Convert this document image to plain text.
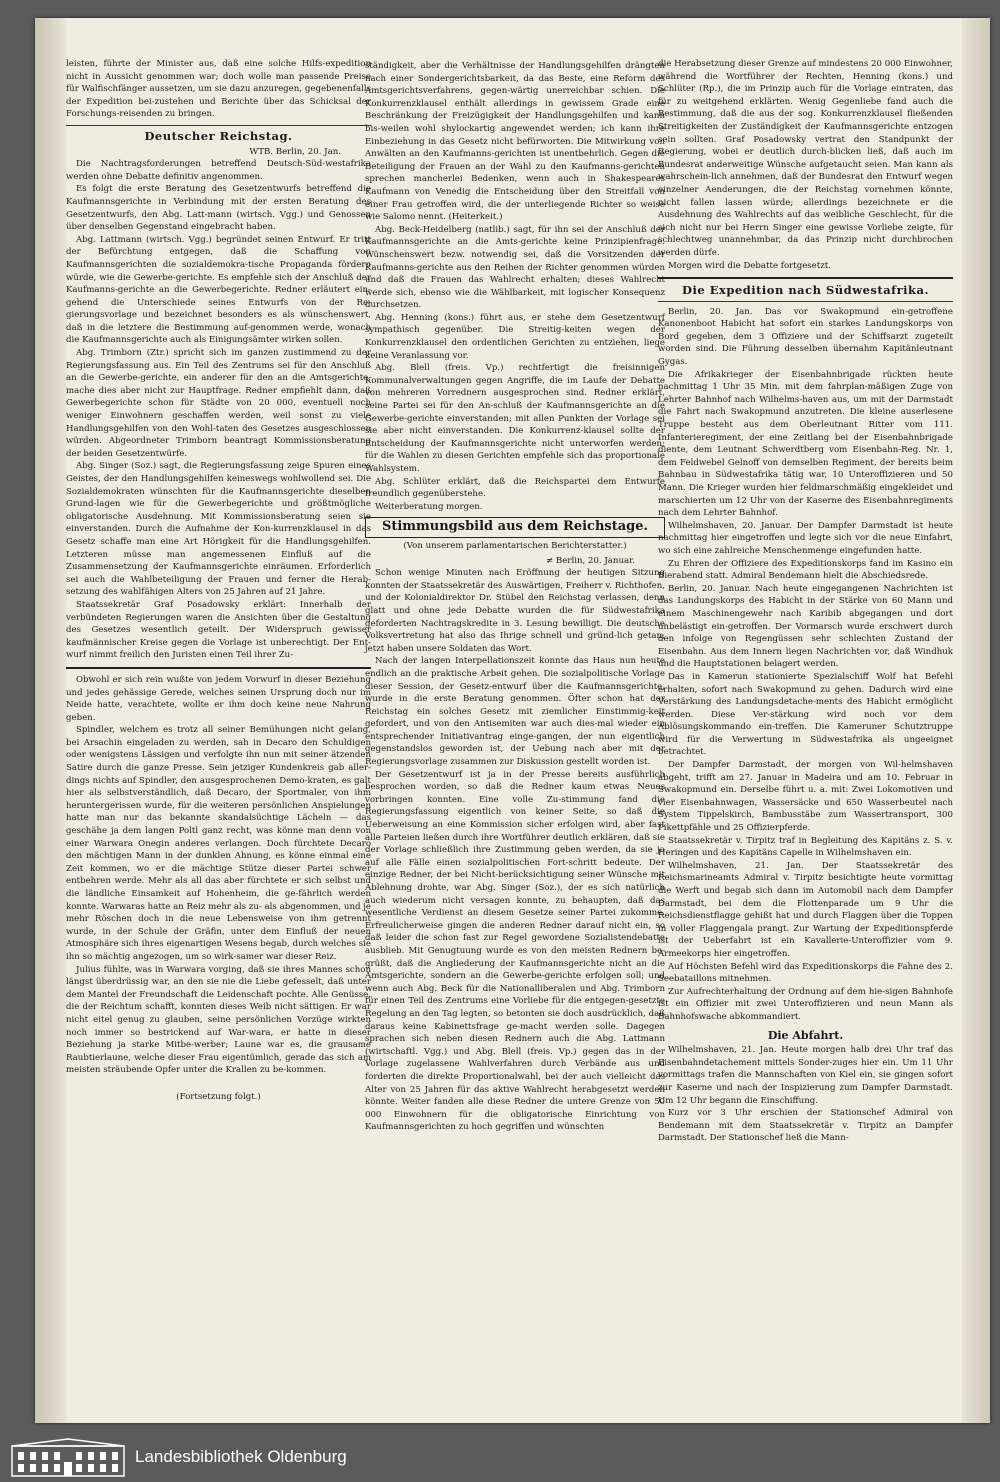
leisten, führte der Minister aus, daß eine solche Hilfs-expedition nicht in Aussicht genommen war; doch wolle man passende Preise für Walfischfänger aussetzen, um sie dazu anzuregen, gegebenenfalls der Expedition bei-zustehen und Berichte über das Schicksal der Forschungs-reisenden zu bringen.

Deutscher Reichstag.

WTB. Berlin, 20. Jan.

Die Nachtragsforderungen betreffend Deutsch-Süd-westafrika werden ohne Debatte definitiv angenommen.

Es folgt die erste Beratung des Gesetzentwurfs betreffend die Kaufmannsgerichte in Verbindung mit der ersten Beratung des Gesetzentwurfs, den Abg. Latt-mann (wirtsch. Vgg.) und Genossen über denselben Gegenstand eingebracht haben.

Abg. Lattmann (wirtsch. Vgg.) begründet seinen Entwurf. Er tritt der Befürchtung entgegen, daß die Schaffung von Kaufmannsgerichten die sozialdemokra-tische Propaganda fördern würde, wie die Gewerbe-gerichte. Es empfehle sich der Anschluß der Kaufmanns-gerichte an die Gewerbegerichte. Redner erläutert ein-gehend die Unterschiede seines Entwurfs von der Re-gierungsvorlage und bezeichnet besonders es als wünschenswert, daß in die letztere die Bestimmung auf-genommen werde, wonach die Kaufmannsgerichte auch als Einigungsämter wirken sollen.

Abg. Trimborn (Ztr.) spricht sich im ganzen zustimmend zu der Regierungsfassung aus. Ein Teil des Zentrums sei für den Anschluß an die Gewerbe-gerichte, ein anderer für den an die Amtsgerichte, mache dies aber nicht zur Hauptfrage. Redner empfiehlt dann, daß Gewerbegerichte schon für Städte von 20 000, eventuell noch weniger Einwohnern geschaffen werden, weil sonst zu viele Handlungsgehilfen von den Wohl-taten des Gesetzes ausgeschlossen würden. Abgeordneter Trimborn beantragt Kommissionsberatung der beiden Gesetzentwürfe.

Abg. Singer (Soz.) sagt, die Regierungsfassung zeige Spuren eines Geistes, der den Handlungsgehilfen keineswegs wohlwollend sei. Die Sozialdemokraten wünschten für die Kaufmannsgerichte dieselben Grund-lagen wie für die Gewerbegerichte und größtmögliche obligatorische Ausdehnung. Mit Kommissionsberatung seien sie einverstanden. Durch die Aufnahme der Kon-kurrenzklausel in das Gesetz schaffe man eine Art Hörigkeit für die Handlungsgehilfen. Letzteren müsse man angemessenen Einfluß auf die Zusammensetzung der Kaufmannsgerichte einräumen. Erforderlich sei auch die Wahlbeteiligung der Frauen und ferner die Herab-setzung des wahlfähigen Alters von 25 Jahren auf 21 Jahre.

Staatssekretär Graf Posadowsky erklärt: Innerhalb der verbündeten Regierungen waren die Ansichten über die Gestaltung des Gesetzes wesentlich geteilt. Der Widerspruch gewisser kaufmännischer Kreise gegen die Vorlage ist unberechtigt. Der Ent-wurf nimmt freilich den Juristen einen Teil ihrer Zu-

Obwohl er sich rein wußte von jedem Vorwurf in dieser Beziehung und jedes gehässige Gerede, welches seinen Ursprung doch nur im Neide hatte, verachtete, wollte er ihm doch keine neue Nahrung geben.

Spindler, welchem es trotz all seiner Bemühungen nicht gelang, bei Arsachin eingeladen zu werden, sah in Decaro den Schuldigen oder wenigstens Lässigen und verfolgte ihn nun mit seiner ätzenden Satire durch die ganze Presse. Sein jetziger Kundenkreis gab aller-dings nichts auf Spindler, den ausgesprochenen Demo-kraten, es galt hier als selbstverständlich, daß Decaro, der Sportmaler, von ihm heruntergerissen wurde, für die weiteren persönlichen Anspielungen hatte man nur das bekannte skandalsüchtige Lächeln — das geschähe ja dem langen Poltl ganz recht, was könne man denn von einer Warwara Onegin anderes verlangen. Doch fürchtete Decaro den mächtigen Mann in der dunklen Ahnung, es könne einmal eine Zeit kommen, wo er die mächtige Stütze dieser Partei schwer entbehren werde. Mehr als all das aber fürchtete er sich selbst und die ländliche Einsamkeit auf Hohenheim, die ge-fährlich werden konnte. Warwaras hatte an Reiz mehr als zu- als abgenommen, und je mehr Röschen doch in die neue Lebensweise von ihm getrennt wurde, in der Schule der Gräfin, unter dem Einfluß der neuen Atmosphäre sich ihres eigenartigen Wesens begab, durch welches sie ihn so mächtig angezogen, um so wirk-samer war dieser Reiz.

Julius fühlte, was in Warwara vorging, daß sie ihres Mannes schon längst überdrüssig war, an den sie nie die Liebe gefesselt, daß unter dem Mantel der Freundschaft die Leidenschaft pochte. Alle Genüsse, die der Reichtum schafft, konnten dieses Weib nicht sättigen. Er war nicht eitel genug zu glauben, seine persönlichen Vorzüge wirkten noch immer so bestrickend auf War-wara, er hatte in dieser Beziehung ja starke Mitbe-werber; Laune war es, die grausame Raubtierlaune, welche dieser Frau eigentümlich, gerade das sich am meisten sträubende Opfer unter die Krallen zu be-kommen.

(Fortsetzung folgt.)

ständigkeit, aber die Verhältnisse der Handlungsgehilfen drängten nach einer Sondergerichtsbarkeit, da das Beste, eine Reform des Amtsgerichtsverfahrens, gegen-wärtig unerreichbar schien. Die Konkurrenzklausel enthält allerdings in gewissem Grade eine Beschränkung der Freizügigkeit der Handlungsgehilfen und kann bis-weilen wohl shylockartig angewendet werden; ich kann ihre Einbeziehung in das Gesetz nicht befürworten. Die Mitwirkung von Anwälten an den Kaufmanns-gerichten ist unentbehrlich. Gegen die Beteiligung der Frauen an der Wahl zu den Kaufmanns-gerichten sprechen mancherlei Bedenken, wenn auch in Shakespeares Kaufmann von Venedig die Entscheidung über den Streitfall von einer Frau getroffen wird, die der unterliegende Richter so weise wie Salomo nennt. (Heiterkeit.)

Abg. Beck-Heidelberg (natlib.) sagt, für ihn sei der Anschluß der Kaufmannsgerichte an die Amts-gerichte keine Prinzipienfrage. Wünschenswert bezw. notwendig sei, daß die Vorsitzenden der Kaufmanns-gerichte aus den Reihen der Richter genommen würden und daß die Frauen das Wahlrecht erhalten; dieses Wahlrecht werde sich, ebenso wie die Wählbarkeit, mit logischer Konsequenz durchsetzen.

Abg. Henning (kons.) führt aus, er stehe dem Gesetzentwurf sympathisch gegenüber. Die Streitig-keiten wegen der Konkurrenzklausel den ordentlichen Gerichten zu entziehen, liege keine Veranlassung vor.

Abg. Blell (freis. Vp.) rechtfertigt die freisinnigen Kommunalverwaltungen gegen Angriffe, die im Laufe der Debatte von mehreren Vorrednern ausgesprochen sind. Redner erklärt, seine Partei sei für den An-schluß der Kaufmannsgerichte an die Gewerbe-gerichte einverstanden; mit allen Punkten der Vorlage sei sie aber nicht einverstanden. Die Konkurrenz-klausel sollte der Entscheidung der Kaufmannsgerichte nicht unterworfen werden; für die Wahlen zu diesen Gerichten empfehle sich das proportionale Wahlsystem.

Abg. Schlüter erklärt, daß die Reichspartei dem Entwurfe freundlich gegenüberstehe.

Weiterberatung morgen.

Stimmungsbild aus dem Reichstage.
(Von unserem parlamentarischen Berichterstatter.)

≠ Berlin, 20. Januar.

Schon wenige Minuten nach Eröffnung der heutigen Sitzung konnten der Staatssekretär des Auswärtigen, Freiherr v. Richthofen, und der Kolonialdirektor Dr. Stübel den Reichstag verlassen, denn glatt und ohne jede Debatte wurden die für Südwestafrika geforderten Nachtragskredite in 3. Lesung bewilligt. Die deutsche Volksvertretung hat also das Ihrige schnell und gründ-lich getan; jetzt haben unsere Soldaten das Wort.

Nach der langen Interpellationszeit konnte das Haus nun heute endlich an die praktische Arbeit gehen. Die sozialpolitische Vorlage dieser Session, der Gesetz-entwurf über die Kaufmannsgerichte, wurde in die erste Beratung genommen. Öfter schon hat der Reichstag ein solches Gesetz mit ziemlicher Einstimmig-keit gefordert, und von den Antisemiten war auch dies-mal wieder ein entsprechender Initiativantrag einge-gangen, der nun eigentlich gegenstandslos geworden ist, der Uebung nach aber mit der Regierungsvorlage zusammen zur Diskussion gestellt worden ist.

Der Gesetzentwurf ist ja in der Presse bereits ausführlich besprochen worden, so daß die Redner kaum etwas Neues vorbringen konnten. Eine volle Zu-stimmung fand die Regierungsfassung eigentlich von keiner Seite, so daß die Ueberweisung an eine Kommission sicher erfolgen wird, aber fast alle Parteien ließen durch ihre Wortführer deutlich erklären, daß sie der Vorlage schließlich ihre Zustimmung geben werden, da sie ja auf alle Fälle einen sozialpolitischen Fort-schritt bedeute. Der einzige Redner, der bei Nicht-berücksichtigung seiner Wünsche mit Ablehnung drohte, war Abg. Singer (Soz.), der es sich natürlich auch wiederum nicht versagen konnte, zu behaupten, daß das wesentliche Verdienst an diesem Gesetze seiner Partei zukomme. Erfreulicherweise gingen die anderen Redner darauf nicht ein, so daß leider die schon fast zur Regel gewordene Sozialistendebatte ausblieb. Mit Genugtuung wurde es von den meisten Rednern be-grüßt, daß die Angliederung der Kaufmannsgerichte nicht an die Amtsgerichte, sondern an die Gewerbe-gerichte erfolgen soll; und wenn auch Abg. Beck für die Nationalliberalen und Abg. Trimborn für einen Teil des Zentrums eine Vorliebe für die entgegen-gesetzte Regelung an den Tag legten, so betonten sie doch ausdrücklich, daß daraus keine Kabinettsfrage ge-macht werden solle. Dagegen sprachen sich neben diesen Rednern auch die Abg. Lattmann (wirtschaftl. Vgg.) und Abg. Blell (freis. Vp.) gegen das in der Vorlage zugelassene Wahlverfahren durch Verbände aus und forderten die direkte Proportionalwahl, bei der auch vielleicht das Alter von 25 Jahren für das aktive Wahlrecht herabgesetzt werden könnte. Weiter fanden alle diese Redner die untere Grenze von 50 000 Einwohnern für die obligatorische Einrichtung von Kaufmannsgerichten zu hoch gegriffen und wünschten

die Herabsetzung dieser Grenze auf mindestens 20 000 Einwohner, während die Wortführer der Rechten, Henning (kons.) und Schlüter (Rp.), die im Prinzip auch für die Vorlage eintraten, das für zu weitgehend erklärten. Wenig Gegenliebe fand auch die Bestimmung, daß die aus der sog. Konkurrenzklausel fließenden Streitigkeiten der Zuständigkeit der Kaufmannsgerichte entzogen sein sollten. Graf Posadowsky vertrat den Standpunkt der Regierung, wobei er deutlich durch-blicken ließ, daß auch im Bundesrat anderweitige Wünsche aufgetaucht seien. Man kann als wahrschein-lich annehmen, daß der Bundesrat den Entwurf wegen einzelner Aenderungen, die der Reichstag vornehmen könnte, nicht fallen lassen würde; allerdings bezeichnete er die Ausdehnung des Wahlrechts auf das weibliche Geschlecht, für die sich nicht nur bei Herrn Singer eine gewisse Vorliebe zeigte, für schlechtweg unannehmbar, da das Prinzip nicht durchbrochen werden dürfe.

Morgen wird die Debatte fortgesetzt.

Die Expedition nach Südwestafrika.

Berlin, 20. Jan. Das vor Swakopmund ein-getroffene Kanonenboot Habicht hat sofort ein starkes Landungskorps von Bord gegeben, dem 3 Offiziere und der Schiffsarzt zugeteilt worden sind. Die Führung desselben übernahm Kapitänleutnant Gygas.

Die Afrikakrieger der Eisenbahnbrigade rückten heute nachmittag 1 Uhr 35 Min. mit dem fahrplan-mäßigen Zuge von Lehrter Bahnhof nach Wilhelms-haven aus, um mit der Darmstadt die Fahrt nach Swakopmund anzutreten. Die kleine auserlesene Truppe besteht aus dem Oberleutnant Ritter vom 111. Infanterieregiment, der eine Zeitlang bei der Eisenbahnbrigade diente, dem Leutnant Schwerdtberg vom Eisenbahn-Reg. Nr. 1, dem Feldwebel Gelnoff von demselben Regiment, der bereits beim Bahnbau in Südwestafrika tätig war, 10 Unteroffizieren und 50 Mann. Die Krieger wurden hier feldmarschmäßig eingekleidet und marschierten um 12 Uhr von der Kaserne des Eisenbahnregiments nach dem Lehrter Bahnhof.

Wilhelmshaven, 20. Januar. Der Dampfer Darmstadt ist heute nachmittag hier eingetroffen und legte sich vor die neue Einfahrt, wo sich eine zahlreiche Menschenmenge eingefunden hatte.

Zu Ehren der Offiziere des Expeditionskorps fand im Kasino ein Bierabend statt. Admiral Bendemann hielt die Abschiedsrede.

Berlin, 20. Januar. Nach heute eingegangenen Nachrichten ist das Landungskorps des Habicht in der Stärke von 60 Mann und einem Maschinengewehr nach Karibib abgegangen und dort unbelästigt ein-getroffen. Der Vormarsch wurde erschwert durch den infolge von Regengüssen sehr schlechten Zustand der Eisenbahn. Aus dem Innern liegen Nachrichten vor, daß Windhuk und die Hauptstationen belagert werden.

Das in Kamerun stationierte Spezialschiff Wolf hat Befehl erhalten, sofort nach Swakopmund zu gehen. Dadurch wird eine Verstärkung des Landungsdetache-ments des Habicht ermöglicht werden. Diese Ver-stärkung wird noch vor dem Ablösungskommando ein-treffen. Die Kameruner Schutztruppe wird für die Verwertung in Südwestafrika als ungeeignet betrachtet.

Der Dampfer Darmstadt, der morgen von Wil-helmshaven abgeht, trifft am 27. Januar in Madeira und am 10. Februar in Swakopmund ein. Derselbe führt u. a. mit: Zwei Lokomotiven und vier Eisenbahnwagen, Wassersäcke und 650 Wasserbeutel nach System Tippelskirch, Bambusstäbe zum Wassertransport, 300 Pikettpfähle und 25 Offizierpferde.

Staatssekretär v. Tirpitz traf in Begleitung des Kapitäns z. S. v. Heringen und des Kapitäns Capelle in Wilhelmshaven ein.

Wilhelmshaven, 21. Jan. Der Staatssekretär des Reichsmarineamts Admiral v. Tirpitz besichtigte heute vormittag die Werft und begab sich dann im Automobil nach dem Dampfer Darmstadt, bei dem die Flottenparade um 9 Uhr die Reichsdienstflagge gehißt hat und durch Flaggen über die Toppen in voller Flaggengala prangt. Zur Wartung der Expeditionspferde ist der Ueberfahrt ist ein Kavallerie-Unteroffizier vom 9. Armeekorps hier eingetroffen.

Auf Höchsten Befehl wird das Expeditionskorps die Fahne des 2. Seebataillons mitnehmen.

Zur Aufrechterhaltung der Ordnung auf dem hie-sigen Bahnhofe ist ein Offizier mit zwei Unteroffizieren und neun Mann als Bahnhofswache abkommandiert.

Die Abfahrt.

Wilhelmshaven, 21. Jan. Heute morgen halb drei Uhr traf das Eisenbahndetachement mittels Sonder-zuges hier ein. Um 11 Uhr vormittags trafen die Mannschaften von Kiel ein, sie gingen sofort zur Kaserne und nach der Inspizierung zum Dampfer Darmstadt. Um 12 Uhr begann die Einschiffung.

Kurz vor 3 Uhr erschien der Stationschef Admiral von Bendemann mit dem Staatssekretär v. Tirpitz an Dampfer Darmstadt. Der Stationschef ließ die Mann-

Landesbibliothek Oldenburg
